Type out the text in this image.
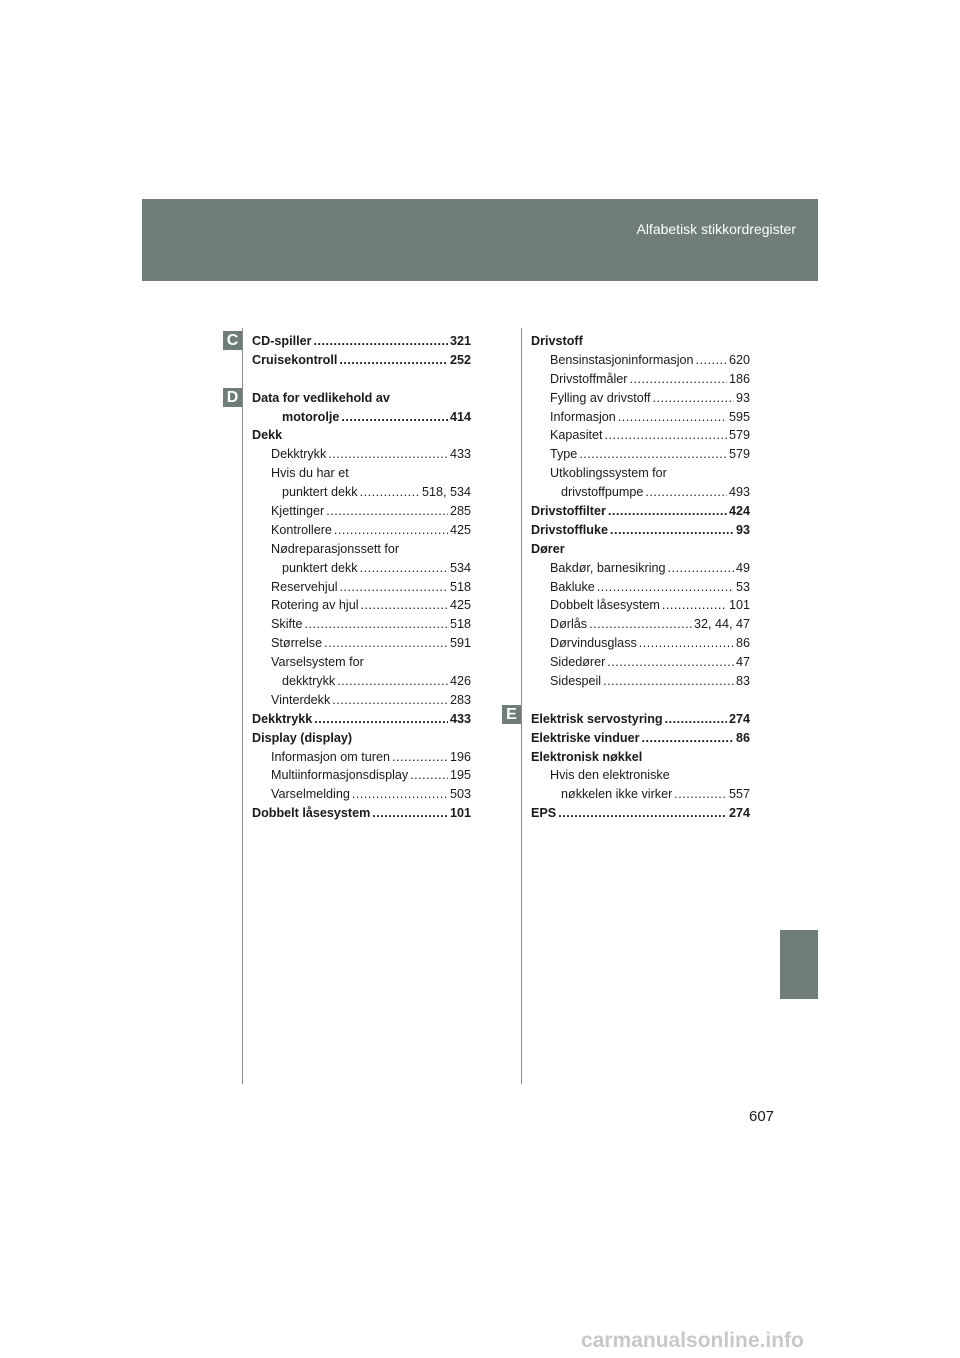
Alfabetisk stikkordregister
C
D
E
CD-spiller .....	321
Cruisekontroll .....	252
Data for vedlikehold av
motorolje .....	414
Dekk
Dekktrykk .....	433
Hvis du har et
punktert dekk .....	518, 534
Kjettinger .....	285
Kontrollere .....	425
Nødreparasjonssett for
punktert dekk .....	534
Reservehjul .....	518
Rotering av hjul .....	425
Skifte .....	518
Størrelse .....	591
Varselsystem for
dekktrykk .....	426
Vinterdekk .....	283
Dekktrykk .....	433
Display (display)
Informasjon om turen .....	196
Multiinformasjonsdisplay .....	195
Varselmelding .....	503
Dobbelt låsesystem .....	101
Drivstoff
Bensinstasjoninformasjon .....	620
Drivstoffmåler .....	186
Fylling av drivstoff .....	93
Informasjon .....	595
Kapasitet .....	579
Type .....	579
Utkoblingssystem for
drivstoffpumpe .....	493
Drivstoffilter .....	424
Drivstoffluke .....	93
Dører
Bakdør, barnesikring .....	49
Bakluke .....	53
Dobbelt låsesystem .....	101
Dørlås .....	32, 44, 47
Dørvindusglass .....	86
Sidedører .....	47
Sidespeil .....	83
Elektrisk servostyring .....	274
Elektriske vinduer .....	86
Elektronisk nøkkel
Hvis den elektroniske
nøkkelen ikke virker .....	557
EPS .....	274
607
carmanualsonline.info
